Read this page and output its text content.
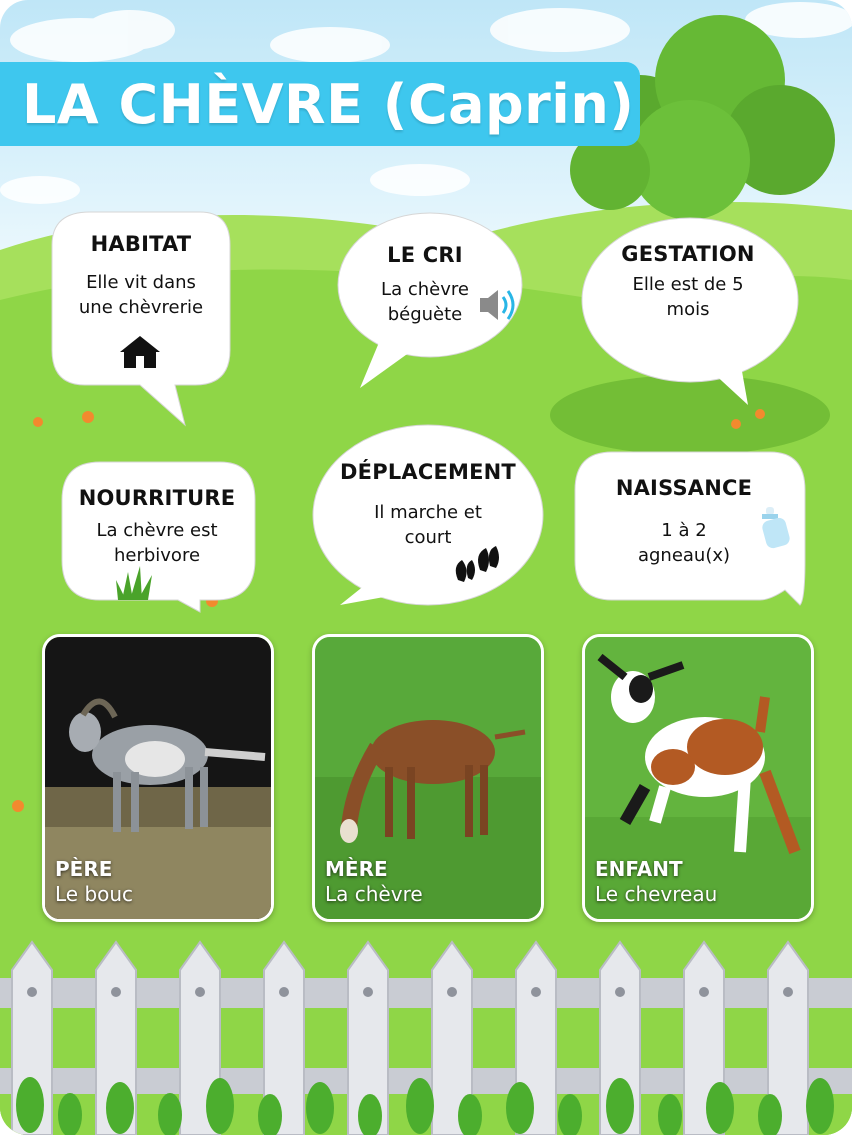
LA CHÈVRE (Caprin)
HABITAT
Elle vit dans
une chèvrerie
LE CRI
La chèvre
béguète
GESTATION
Elle est de 5
mois
NOURRITURE
La chèvre est
herbivore
DÉPLACEMENT
Il marche et
court
NAISSANCE
1 à 2
agneau(x)
PÈRE
Le bouc
MÈRE
La chèvre
ENFANT
Le chevreau
